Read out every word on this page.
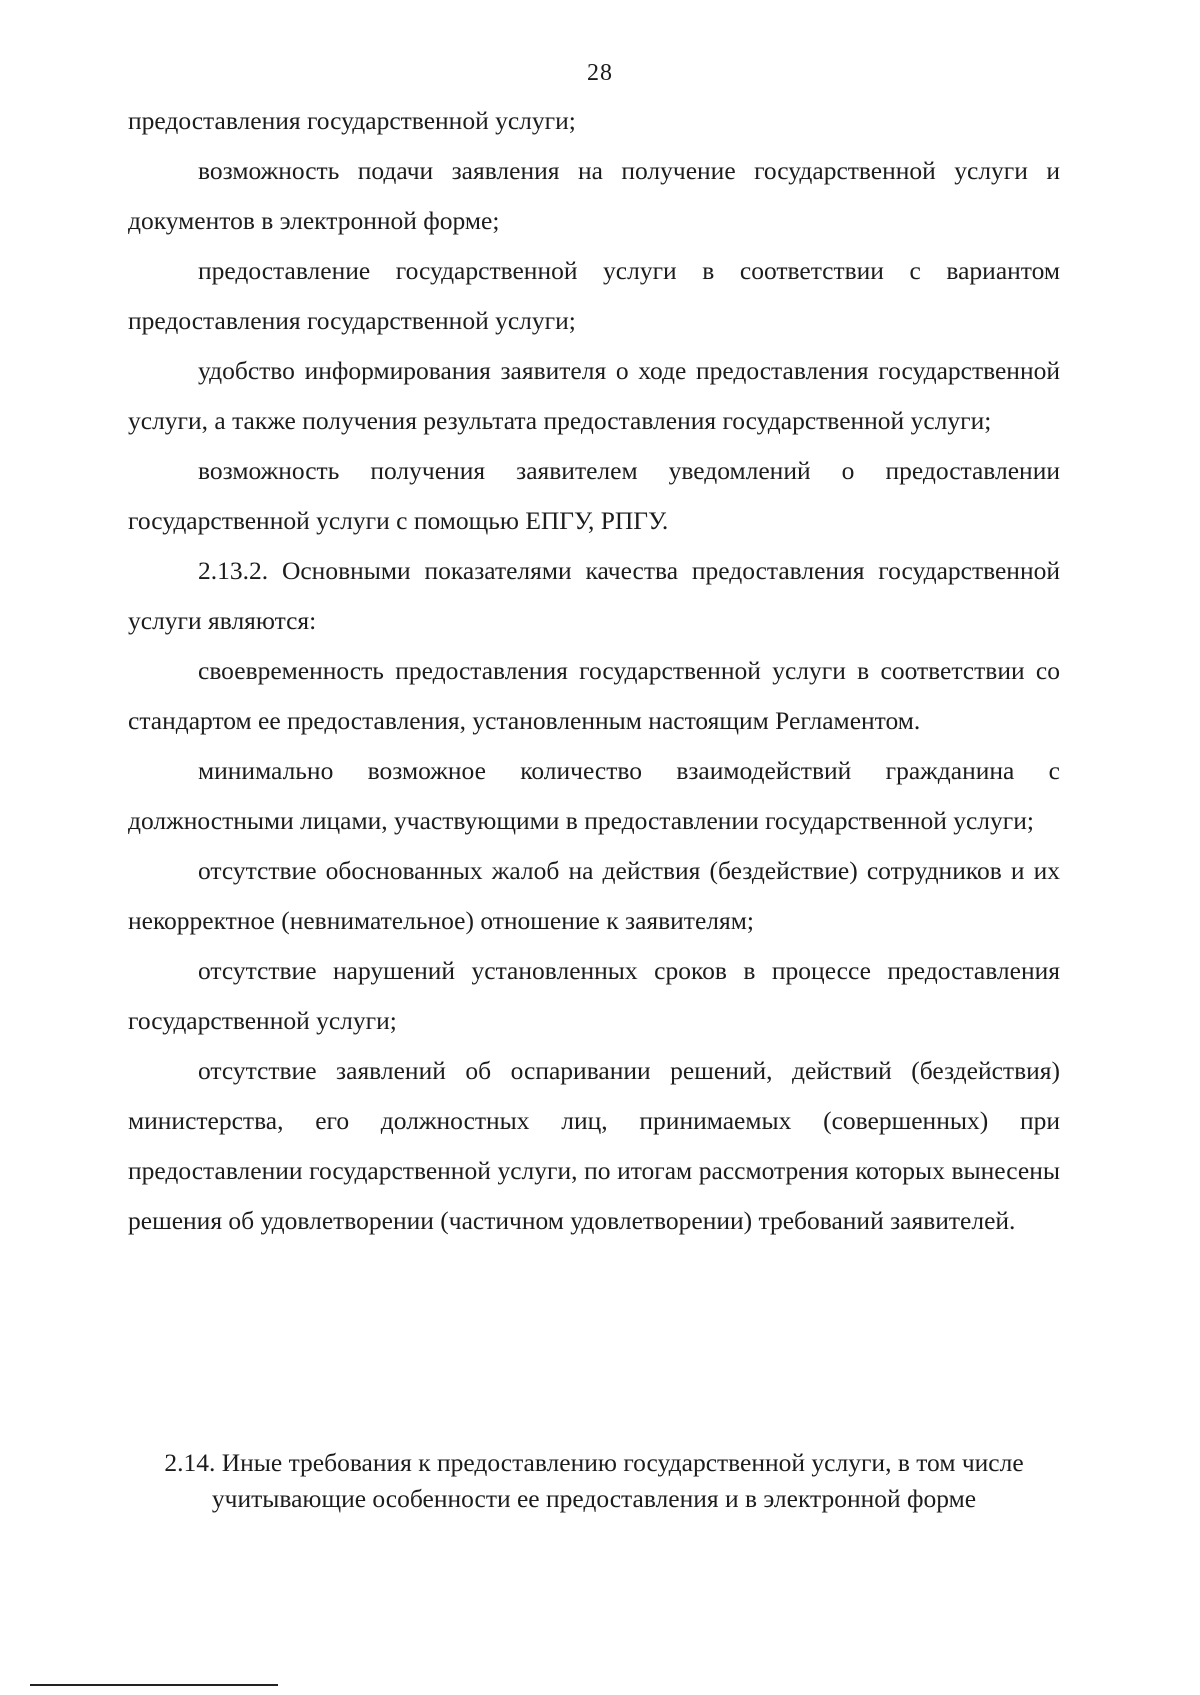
28

предоставления государственной услуги;

возможность подачи заявления на получение государственной услуги и документов в электронной форме;

предоставление государственной услуги в соответствии с вариантом предоставления государственной услуги;

удобство информирования заявителя о ходе предоставления государственной услуги, а также получения результата предоставления государственной услуги;

возможность получения заявителем уведомлений о предоставлении государственной услуги с помощью ЕПГУ, РПГУ.

2.13.2. Основными показателями качества предоставления государственной услуги являются:

своевременность предоставления государственной услуги в соответствии со стандартом ее предоставления, установленным настоящим Регламентом.

минимально возможное количество взаимодействий гражданина с должностными лицами, участвующими в предоставлении государственной услуги;

отсутствие обоснованных жалоб на действия (бездействие) сотрудников и их некорректное (невнимательное) отношение к заявителям;

отсутствие нарушений установленных сроков в процессе предоставления государственной услуги;

отсутствие заявлений об оспаривании решений, действий (бездействия) министерства, его должностных лиц, принимаемых (совершенных) при предоставлении государственной услуги, по итогам рассмотрения которых вынесены решения об удовлетворении (частичном удовлетворении) требований заявителей.

2.14. Иные требования к предоставлению государственной услуги, в том числе учитывающие особенности ее предоставления и в электронной форме
